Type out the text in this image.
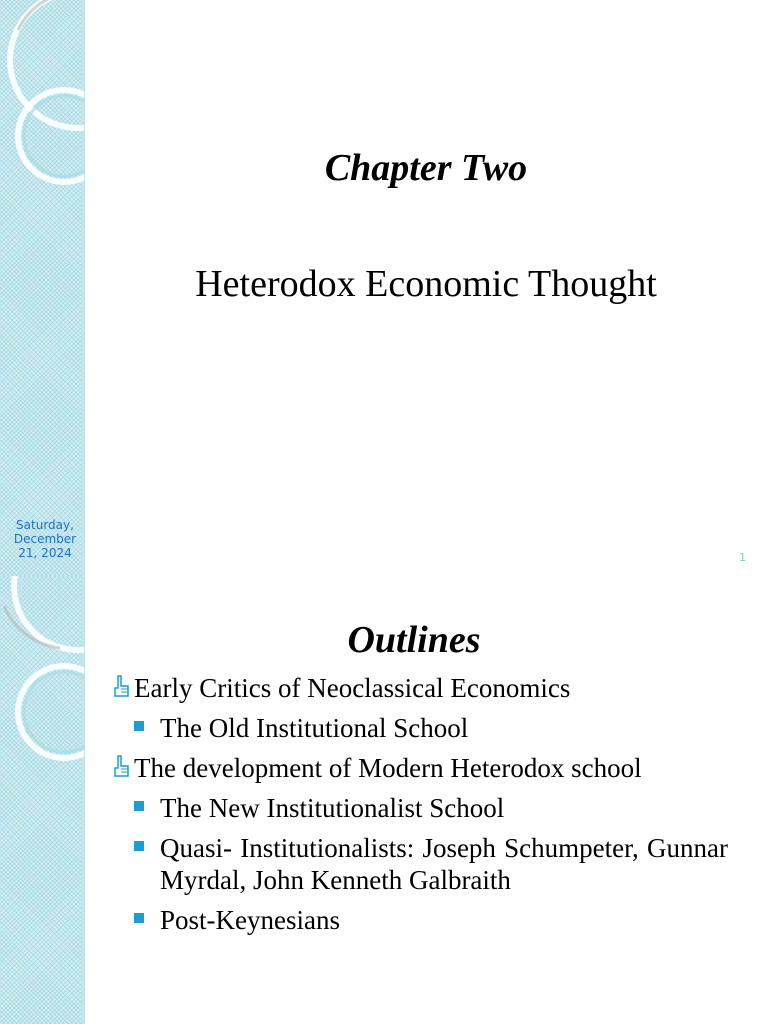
Chapter Two
Heterodox Economic Thought
Saturday,
December
21, 2024	1
Outlines
Early Critics of Neoclassical Economics
The Old Institutional School
The development of Modern Heterodox school
The New Institutionalist School
Quasi- Institutionalists: Joseph Schumpeter, Gunnar Myrdal, John Kenneth Galbraith
Post-Keynesians
